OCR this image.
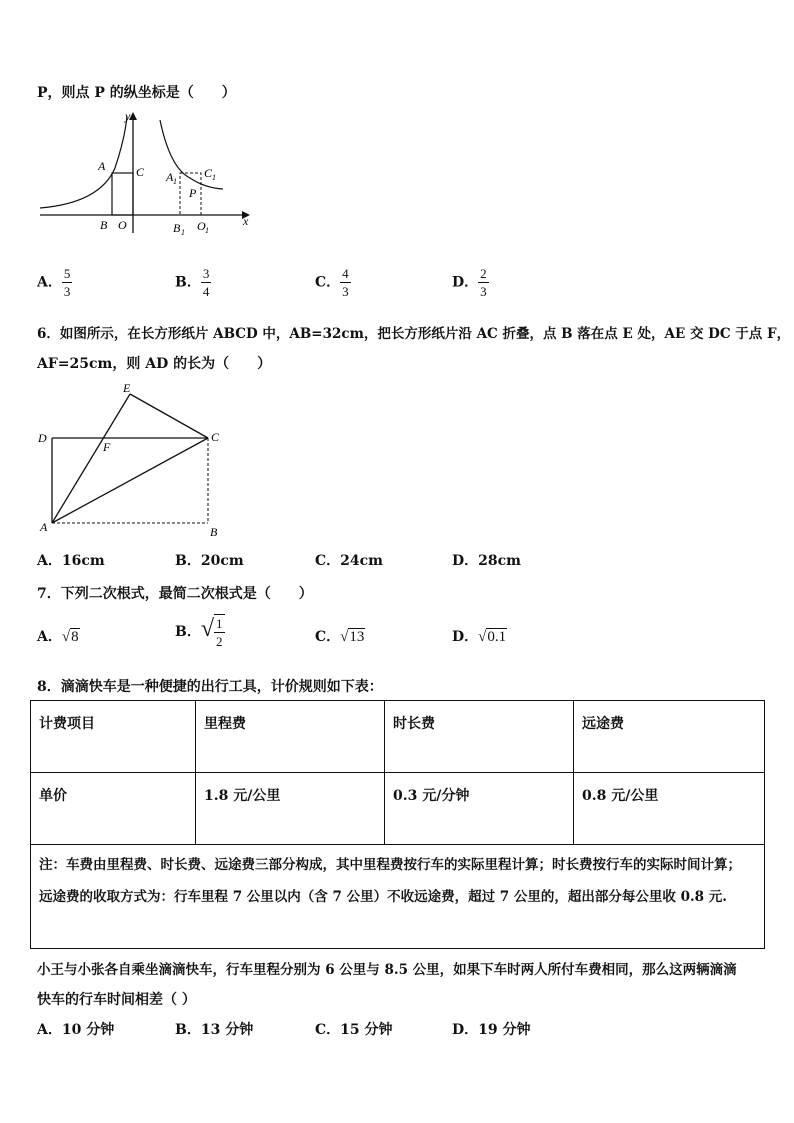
P，则点 P 的纵坐标是（　　）
y
x
A	C
B O
A 1
C 1
P
B 1 O 1
A． $\frac{5}{3}$	B． $\frac{3}{4}$	C． $\frac{4}{3}$	D． $\frac{2}{3}$
6．如图所示，在长方形纸片 ABCD 中，AB=32cm，把长方形纸片沿 AC 折叠，点 B 落在点 E 处，AE 交 DC 于点 F，
AF=25cm，则 AD 的长为（　　）
E
D
F
C
A	B
A．16cm	B．20cm	C．24cm	D．28cm
7．下列二次根式，最简二次根式是（　　）
A．√8	B．√ $\frac{1}{2}$	C．√13	D．√0.1
8．滴滴快车是一种便捷的出行工具，计价规则如下表：
计费项目	里程费	时长费	远途费
单价	1.8 元/公里	0.3 元/分钟	0.8 元/公里

注：车费由里程费、时长费、远途费三部分构成，其中里程费按行车的实际里程计算；时长费按行车的实际时间计算；
远途费的收取方式为：行车里程 7 公里以内（含 7 公里）不收远途费，超过 7 公里的，超出部分每公里收 0.8 元.			
小王与小张各自乘坐滴滴快车，行车里程分别为 6 公里与 8.5 公里，如果下车时两人所付车费相同，那么这两辆滴滴
快车的行车时间相差（ ）
A．10 分钟	B．13 分钟	C．15 分钟	D．19 分钟
